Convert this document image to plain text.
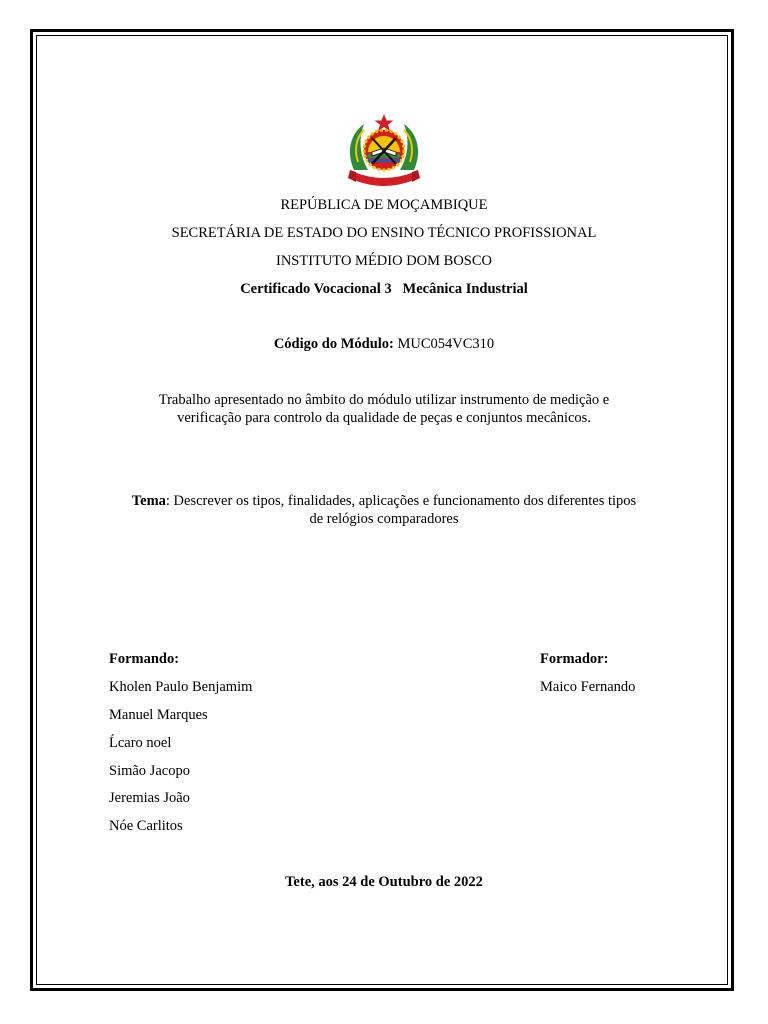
REPÚBLICA DE MOÇAMBIQUE
SECRETÁRIA DE ESTADO DO ENSINO TÉCNICO PROFISSIONAL
INSTITUTO MÉDIO DOM BOSCO
Certificado Vocacional 3   Mecânica Industrial
Código do Módulo: MUC054VC310
Trabalho apresentado no âmbito do módulo utilizar instrumento de medição e
verificação para controlo da qualidade de peças e conjuntos mecânicos.
Tema: Descrever os tipos, finalidades, aplicações e funcionamento dos diferentes tipos
de relógios comparadores
Formando:
Kholen Paulo Benjamim
Manuel Marques
Ĺcaro noel
Simão Jacopo
Jeremias João
Nóe Carlitos
Formador:
Maico Fernando
Tete, aos 24 de Outubro de 2022
